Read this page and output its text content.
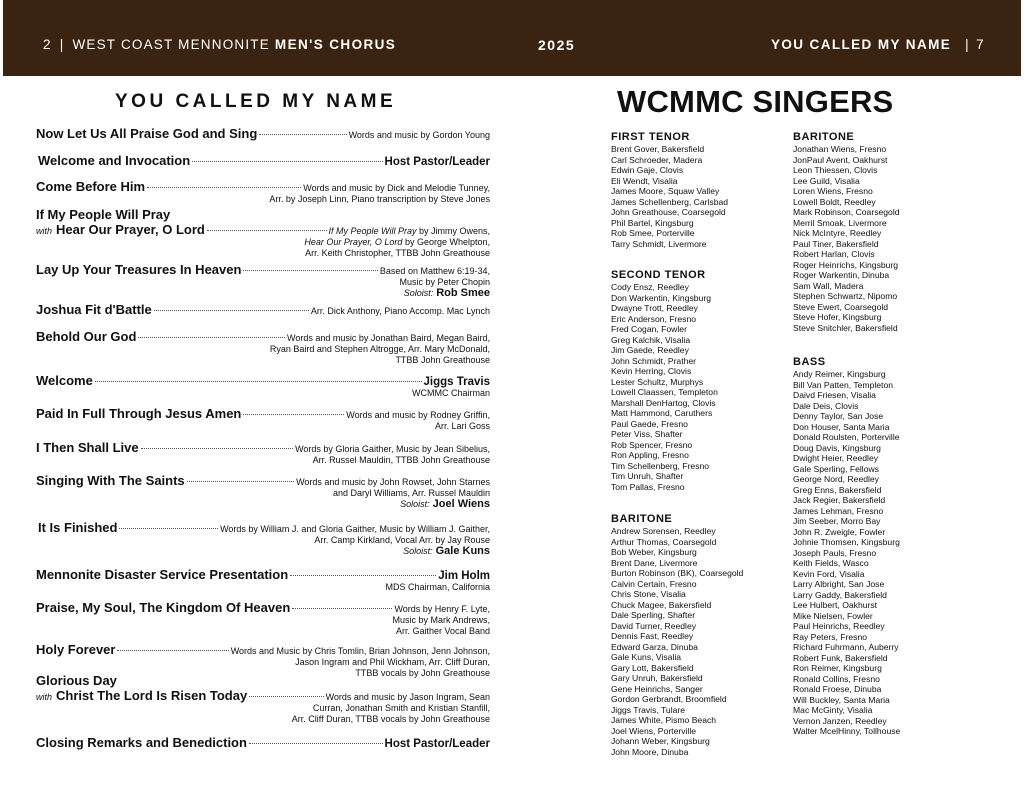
2 | WEST COAST MENNONITE MEN'S CHORUS	2025	YOU CALLED MY NAME | 7
YOU CALLED MY NAME	WCMMC SINGERS
Now Let Us All Praise God and Sing	Words and music by Gordon Young
Welcome and Invocation	Host Pastor/Leader
Come Before Him	Words and music by Dick and Melodie Tunney,
Arr. by Joseph Linn, Piano transcription by Steve Jones
If My People Will Pray
with Hear Our Prayer, O Lord	If My People Will Pray by Jimmy Owens,
Hear Our Prayer, O Lord by George Whelpton,
Arr. Keith Christopher, TTBB John Greathouse
Lay Up Your Treasures In Heaven	Based on Matthew 6:19-34,
Music by Peter Chopin
Soloist: Rob Smee
Joshua Fit d'Battle	Arr. Dick Anthony, Piano Accomp. Mac Lynch
Behold Our God	Words and music by Jonathan Baird, Megan Baird,
Ryan Baird and Stephen Altrogge, Arr. Mary McDonald,
TTBB John Greathouse
Welcome	Jiggs Travis
WCMMC Chairman
Paid In Full Through Jesus Amen	Words and music by Rodney Griffin,
Arr. Lari Goss
I Then Shall Live	Words by Gloria Gaither, Music by Jean Sibelius,
Arr. Russel Mauldin, TTBB John Greathouse
Singing With The Saints	Words and music by John Rowset, John Starnes
and Daryl Williams, Arr. Russel Mauldin
Soloist: Joel Wiens
It Is Finished	Words by William J. and Gloria Gaither, Music by William J. Gaither,
Arr. Camp Kirkland, Vocal Arr. by Jay Rouse
Soloist: Gale Kuns
Mennonite Disaster Service Presentation	Jim Holm
MDS Chairman, California
Praise, My Soul, The Kingdom Of Heaven	Words by Henry F. Lyte,
Music by Mark Andrews,
Arr. Gaither Vocal Band
Holy Forever	Words and Music by Chris Tomlin, Brian Johnson, Jenn Johnson,
Jason Ingram and Phil Wickham, Arr. Cliff Duran,
TTBB vocals by John Greathouse
Glorious Day
with Christ The Lord Is Risen Today	Words and music by Jason Ingram, Sean
Curran, Jonathan Smith and Kristian Stanfill,
Arr. Cliff Duran, TTBB vocals by John Greathouse
Closing Remarks and Benediction	Host Pastor/Leader
FIRST TENOR
Brent Gover, Bakersfield
Carl Schroeder, Madera
Edwin Gaje, Clovis
Eli Wendt, Visalia
James Moore, Squaw Valley
James Schellenberg, Carlsbad
John Greathouse, Coarsegold
Phil Bartel, Kingsburg
Rob Smee, Porterville
Tarry Schmidt, Livermore
SECOND TENOR
Cody Ensz, Reedley
Don Warkentin, Kingsburg
Dwayne Trott, Reedley
Eric Anderson, Fresno
Fred Cogan, Fowler
Greg Kalchik, Visalia
Jim Gaede, Reedley
John Schmidt, Prather
Kevin Herring, Clovis
Lester Schultz, Murphys
Lowell Claassen, Templeton
Marshall DenHartog, Clovis
Matt Hammond, Caruthers
Paul Gaede, Fresno
Peter Viss, Shafter
Rob Spencer, Fresno
Ron Appling, Fresno
Tim Schellenberg, Fresno
Tim Unruh, Shafter
Tom Pallas, Fresno
BARITONE
Andrew Sorensen, Reedley
Arthur Thomas, Coarsegold
Bob Weber, Kingsburg
Brent Dane, Livermore
Burton Robinson (BK), Coarsegold
Calvin Certain, Fresno
Chris Stone, Visalia
Chuck Magee, Bakersfield
Dale Sperling, Shafter
David Turner, Reedley
Dennis Fast, Reedley
Edward Garza, Dinuba
Gale Kuns, Visalia
Gary Lott, Bakersfield
Gary Unruh, Bakersfield
Gene Heinrichs, Sanger
Gordon Gerbrandt, Broomfield
Jiggs Travis, Tulare
James White, Pismo Beach
Joel Wiens, Porterville
Johann Weber, Kingsburg
John Moore, Dinuba
BARITONE
Jonathan Wiens, Fresno
JonPaul Avent, Oakhurst
Leon Thiessen, Clovis
Lee Guild, Visalia
Loren Wiens, Fresno
Lowell Boldt, Reedley
Mark Robinson, Coarsegold
Merril Smoak, Livermore
Nick McIntyre, Reedley
Paul Tiner, Bakersfield
Robert Harlan, Clovis
Roger Heinrichs, Kingsburg
Roger Warkentin, Dinuba
Sam Wall, Madera
Stephen Schwartz, Nipomo
Steve Ewert, Coarsegold
Steve Hofer, Kingsburg
Steve Snitchler, Bakersfield
BASS
Andy Reimer, Kingsburg
Bill Van Patten, Templeton
Daivd Friesen, Visalia
Dale Deis, Clovis
Denny Taylor, San Jose
Don Houser, Santa Maria
Donald Roulsten, Porterville
Doug Davis, Kingsburg
Dwight Heier, Reedley
Gale Sperling, Fellows
George Nord, Reedley
Greg Enns, Bakersfield
Jack Regier, Bakersfield
James Lehman, Fresno
Jim Seeber, Morro Bay
John R. Zweigle, Fowler
Johnie Thomsen, Kingsburg
Joseph Pauls, Fresno
Keith Fields, Wasco
Kevin Ford, Visalia
Larry Albright, San Jose
Larry Gaddy, Bakersfield
Lee Hulbert, Oakhurst
Mike Nielsen, Fowler
Paul Heinrichs, Reedley
Ray Peters, Fresno
Richard Fuhrmann, Auberry
Robert Funk, Bakersfield
Ron Reimer, Kingsburg
Ronald Collins, Fresno
Ronald Froese, Dinuba
Will Buckley, Santa Maria
Mac McGinty, Visalia
Vernon Janzen, Reedley
Walter McelHinny, Tollhouse
